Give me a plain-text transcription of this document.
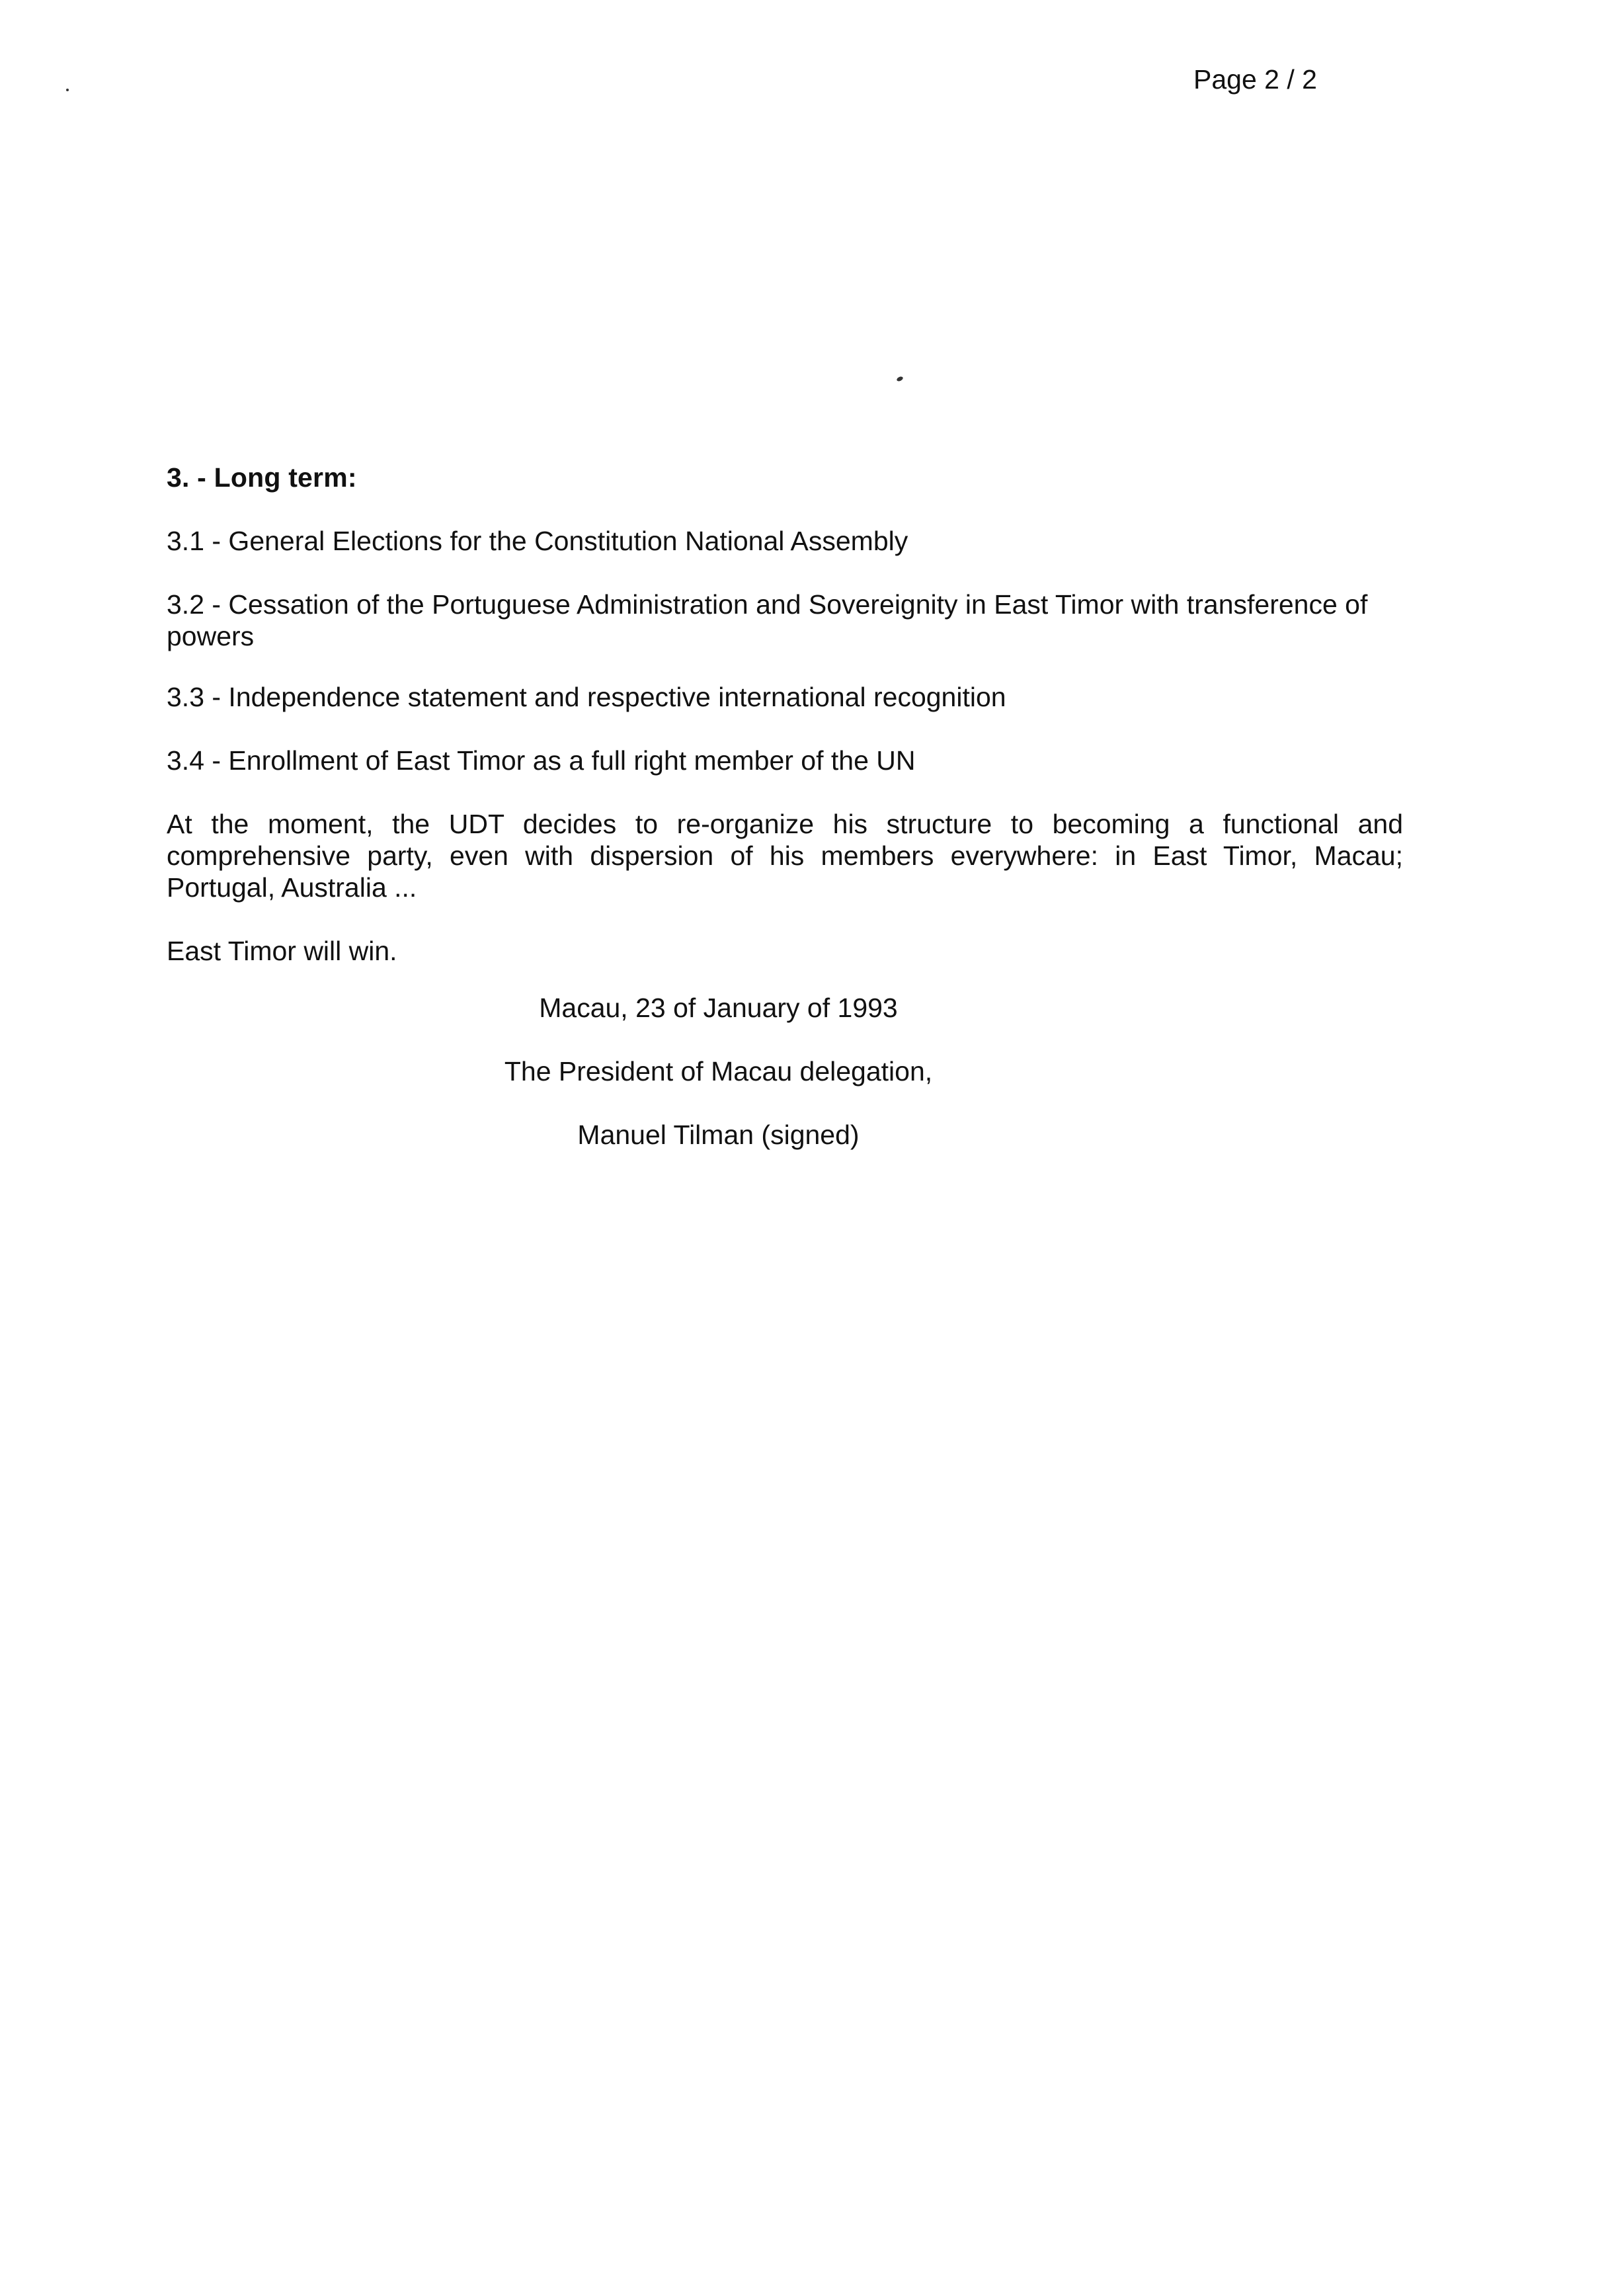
Page 2 / 2
3. - Long term:

3.1 - General Elections for the Constitution National Assembly

3.2 - Cessation of the Portuguese Administration and Sovereignity in East Timor with transference of powers

3.3 - Independence statement and respective international recognition

3.4 - Enrollment of East Timor as a full right member of the UN

At the moment, the UDT decides to re-organize his structure to becoming a functional and comprehensive party, even with dispersion of his members everywhere: in East Timor, Macau; Portugal, Australia ...

East Timor will win.

Macau, 23 of January of 1993
The President of Macau delegation,
Manuel Tilman (signed)
